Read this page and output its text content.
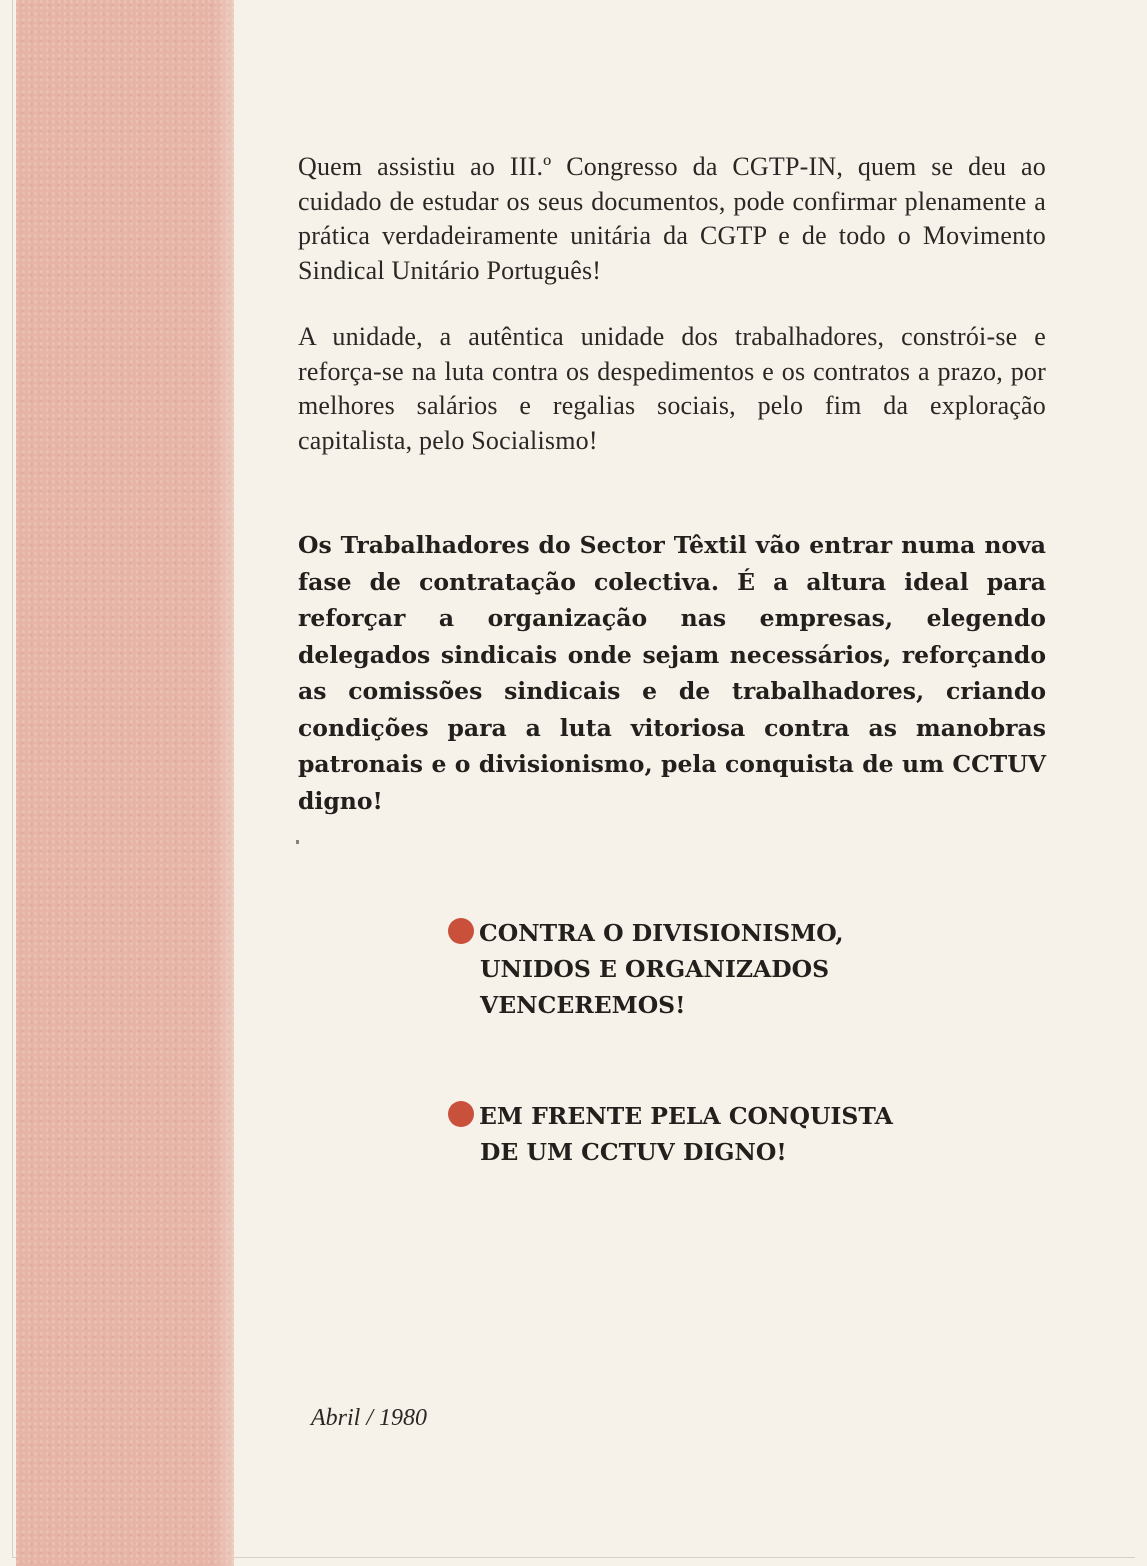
Quem assistiu ao III.º Congresso da CGTP-IN, quem se deu ao cuidado de estudar os seus documentos, pode confirmar plenamente a prática verdadeiramente unitária da CGTP e de todo o Movimento Sindical Unitário Português!

A unidade, a autêntica unidade dos trabalhadores, constrói-se e reforça-se na luta contra os despedimentos e os contratos a prazo, por melhores salários e regalias sociais, pelo fim da exploração capitalista, pelo Socialismo!

Os Trabalhadores do Sector Têxtil vão entrar numa nova fase de contratação colectiva. É a altura ideal para reforçar a organização nas empresas, elegendo delegados sindicais onde sejam necessários, reforçando as comissões sindicais e de trabalhadores, criando condições para a luta vitoriosa contra as manobras patronais e o divisionismo, pela conquista de um CCTUV digno!

CONTRA O DIVISIONISMO,
UNIDOS E ORGANIZADOS
VENCEREMOS!
EM FRENTE PELA CONQUISTA
DE UM CCTUV DIGNO!
Abril / 1980
